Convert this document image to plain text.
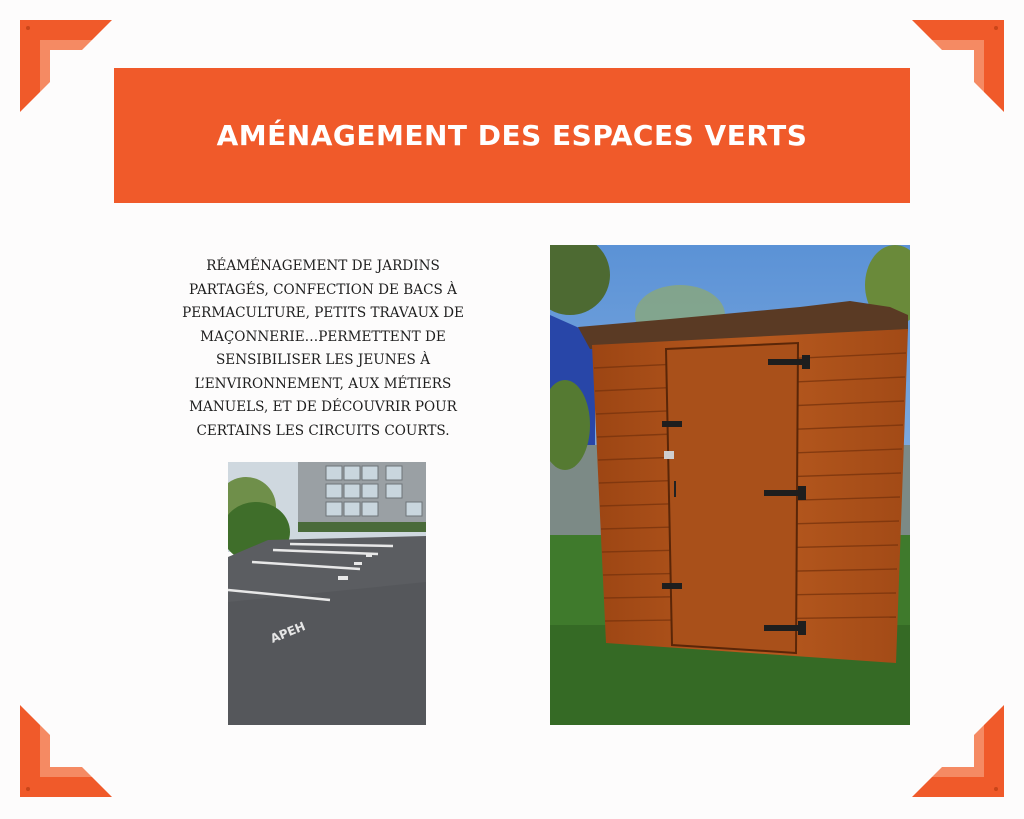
AMÉNAGEMENT DES ESPACES VERTS

RÉAMÉNAGEMENT DE JARDINS PARTAGÉS, CONFECTION DE BACS À PERMACULTURE, PETITS TRAVAUX DE MAÇONNERIE…PERMETTENT DE SENSIBILISER LES JEUNES À L’ENVIRONNEMENT, AUX MÉTIERS MANUELS, ET DE DÉCOUVRIR POUR CERTAINS LES CIRCUITS COURTS.

APEH
